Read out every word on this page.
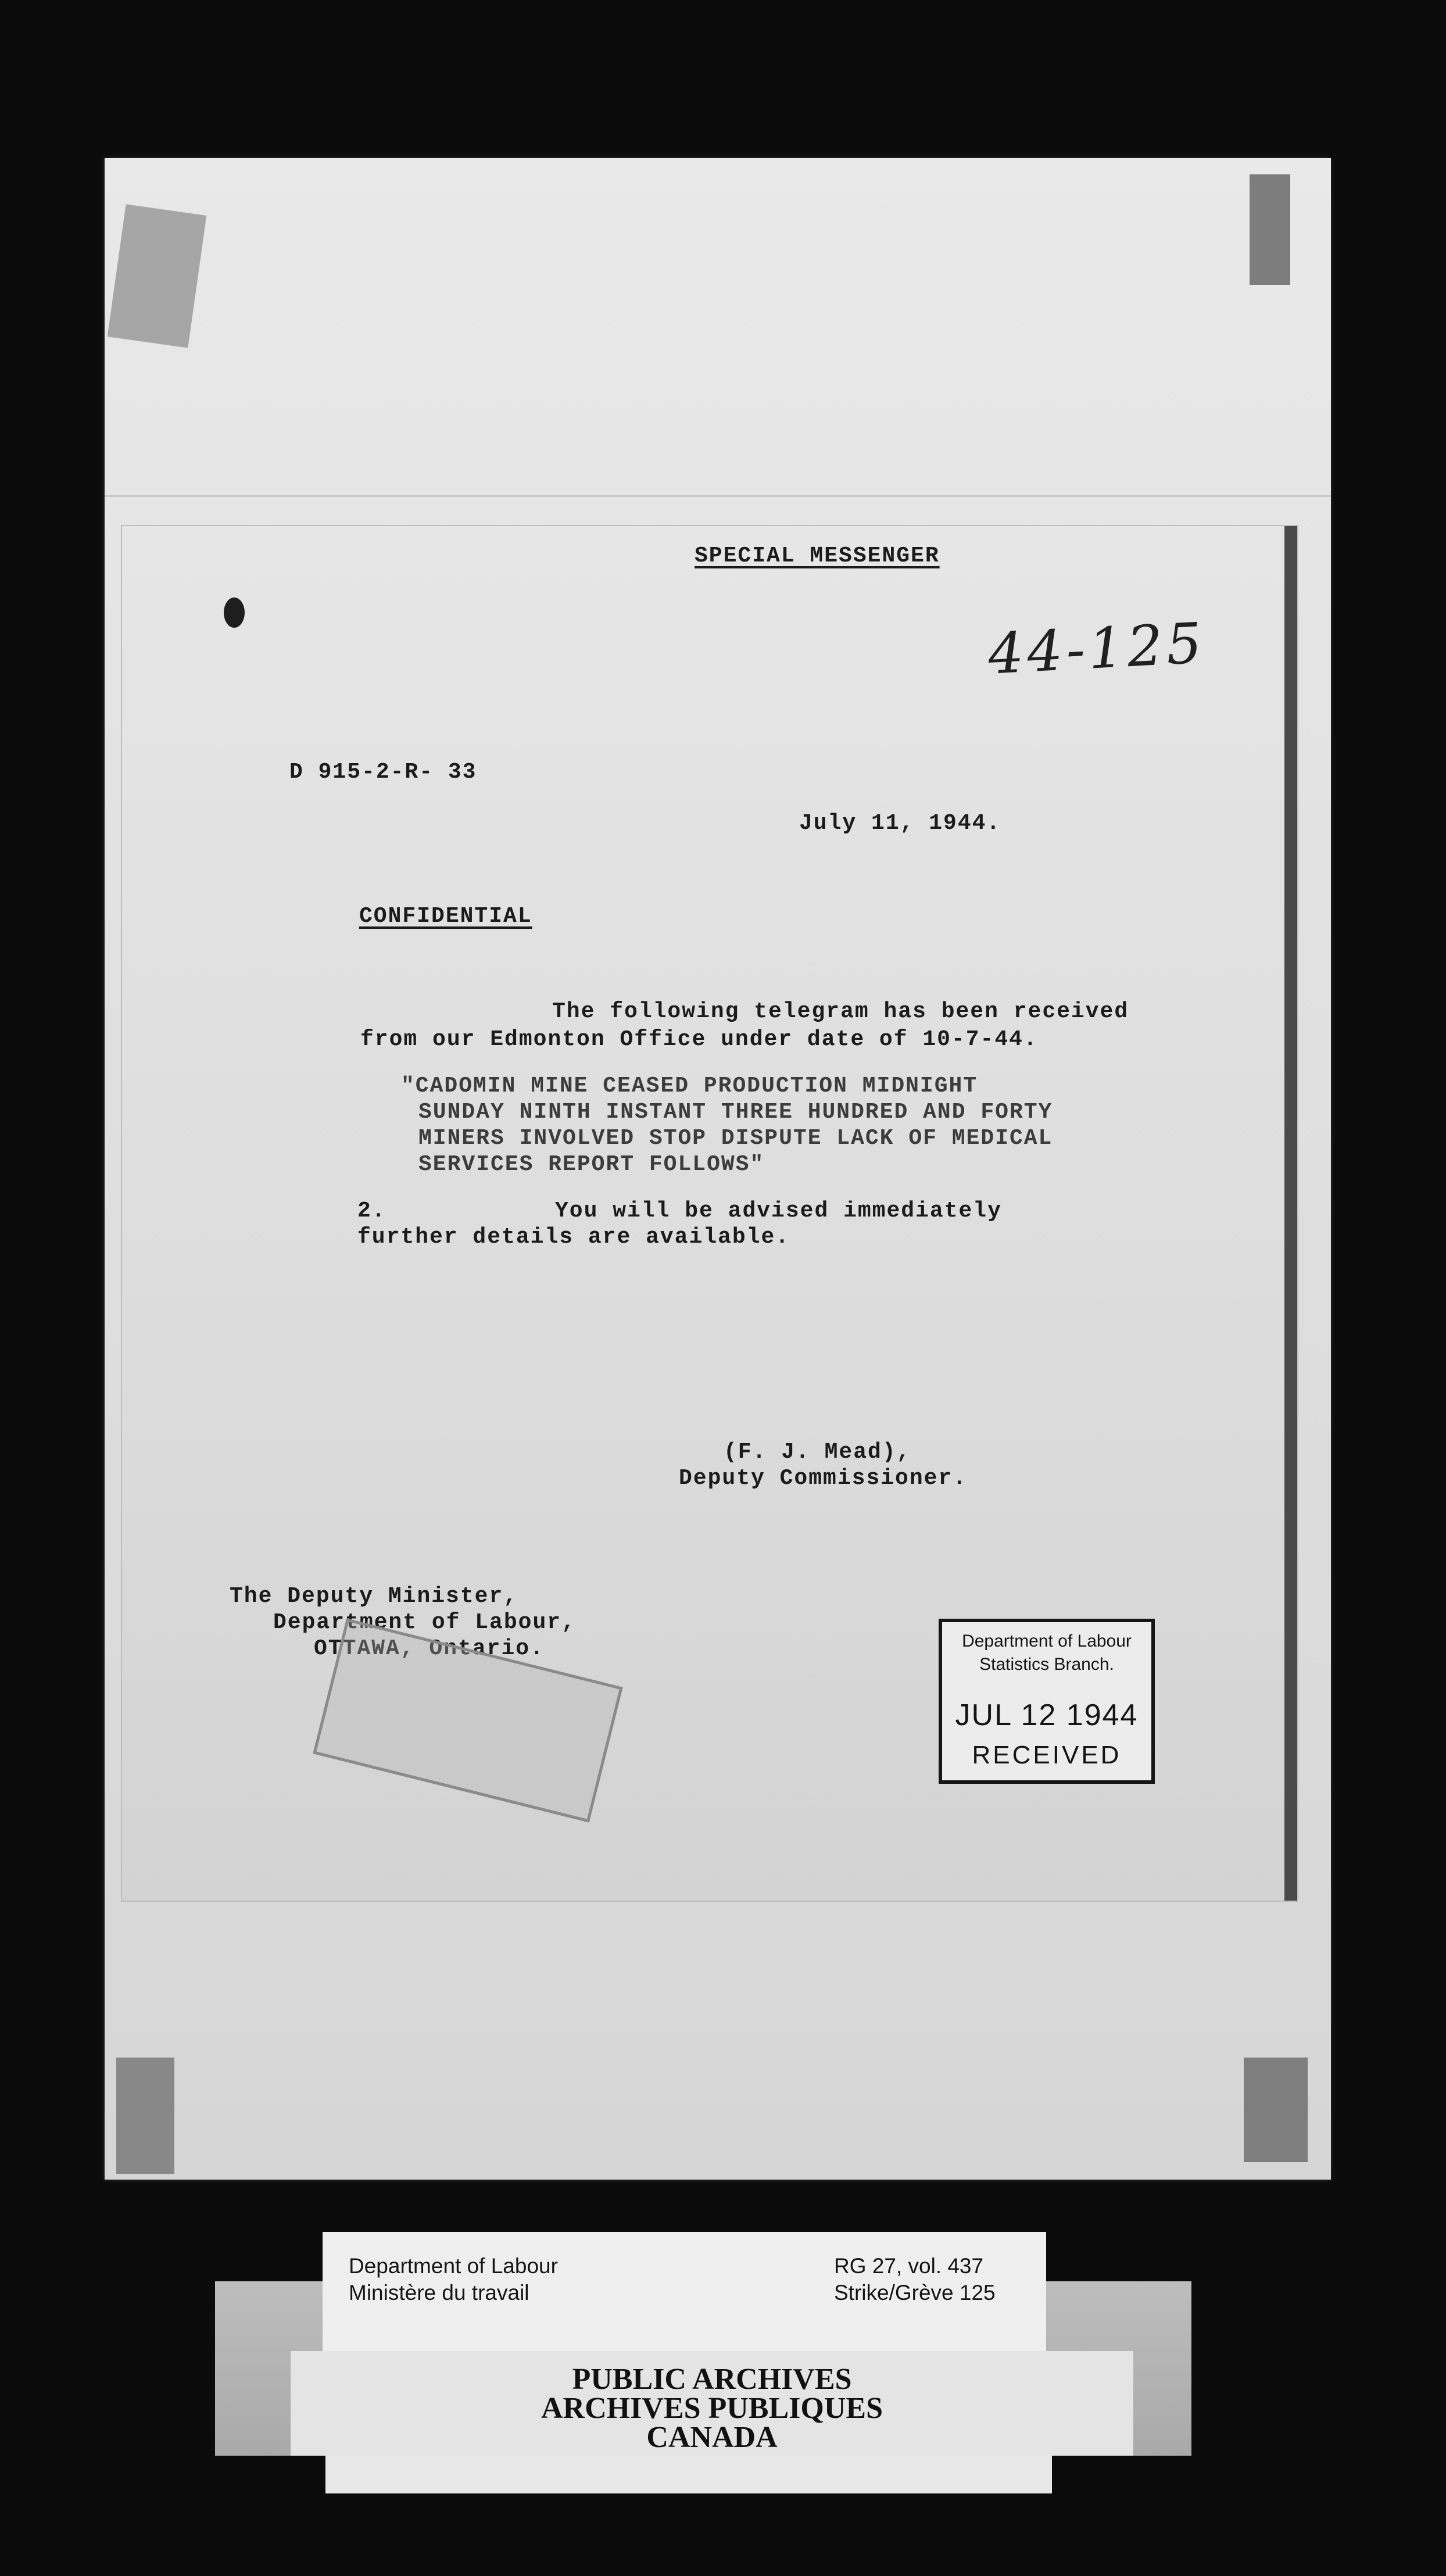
SPECIAL MESSENGER
44-125
D 915-2-R- 33
July 11, 1944.
CONFIDENTIAL
The following telegram has been received
from our Edmonton Office under date of 10-7-44.
"CADOMIN MINE CEASED PRODUCTION MIDNIGHT
SUNDAY NINTH INSTANT THREE HUNDRED AND FORTY
MINERS INVOLVED STOP DISPUTE LACK OF MEDICAL
SERVICES REPORT FOLLOWS"
2.	You will be advised immediately
further details are available.
(F. J. Mead),
Deputy Commissioner.
The Deputy Minister,
Department of Labour,
OTTAWA, Ontario.	Department of Labour
Statistics Branch.
JUL 12 1944
RECEIVED
Department of Labour
Ministère du travail
RG 27, vol. 437
Strike/Grève 125
PUBLIC ARCHIVES
ARCHIVES PUBLIQUES
CANADA
